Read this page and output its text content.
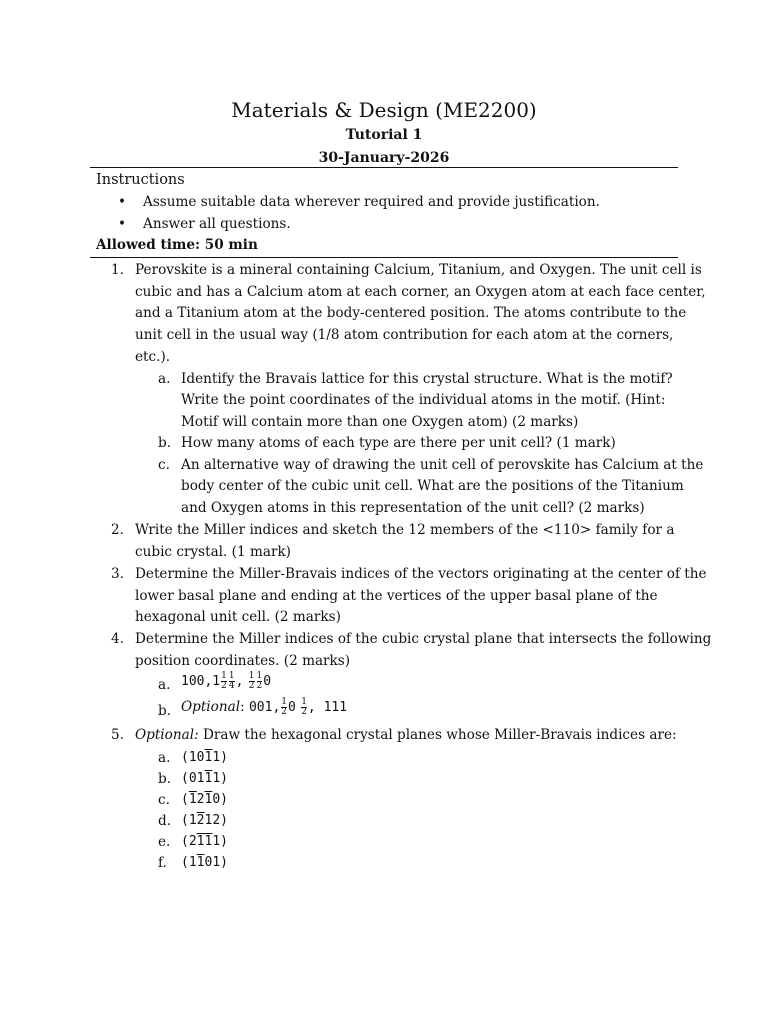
Materials & Design (ME2200)
Tutorial 1
30-January-2026
Instructions
• Assume suitable data wherever required and provide justification.
• Answer all questions.
Allowed time: 50 min
1. Perovskite is a mineral containing Calcium, Titanium, and Oxygen. The unit cell is
cubic and has a Calcium atom at each corner, an Oxygen atom at each face center,
and a Titanium atom at the body-centered position. The atoms contribute to the
unit cell in the usual way (1/8 atom contribution for each atom at the corners,
etc.).
a. Identify the Bravais lattice for this crystal structure. What is the motif?
Write the point coordinates of the individual atoms in the motif. (Hint:
Motif will contain more than one Oxygen atom) (2 marks)
b. How many atoms of each type are there per unit cell? (1 mark)
c. An alternative way of drawing the unit cell of perovskite has Calcium at the
body center of the cubic unit cell. What are the positions of the Titanium
and Oxygen atoms in this representation of the unit cell? (2 marks)
2. Write the Miller indices and sketch the 12 members of the <110> family for a
cubic crystal. (1 mark)
3. Determine the Miller-Bravais indices of the vectors originating at the center of the
lower basal plane and ending at the vertices of the upper basal plane of the
hexagonal unit cell. (2 marks)
4. Determine the Miller indices of the cubic crystal plane that intersects the following
position coordinates. (2 marks)
a. $100,1 \frac{1}{2} \frac{1}{4}$ , $\frac{1}{2} \frac{1}{2} 0$
b. Optional: 001, $\frac{1}{2} 0 \frac{1}{2}$ , 111
5. Optional: Draw the hexagonal crystal planes whose Miller-Bravais indices are:
a. (1011)
b. (0111)
c. (1210)
d. (1212)
e. (2111)
f. (1101)
